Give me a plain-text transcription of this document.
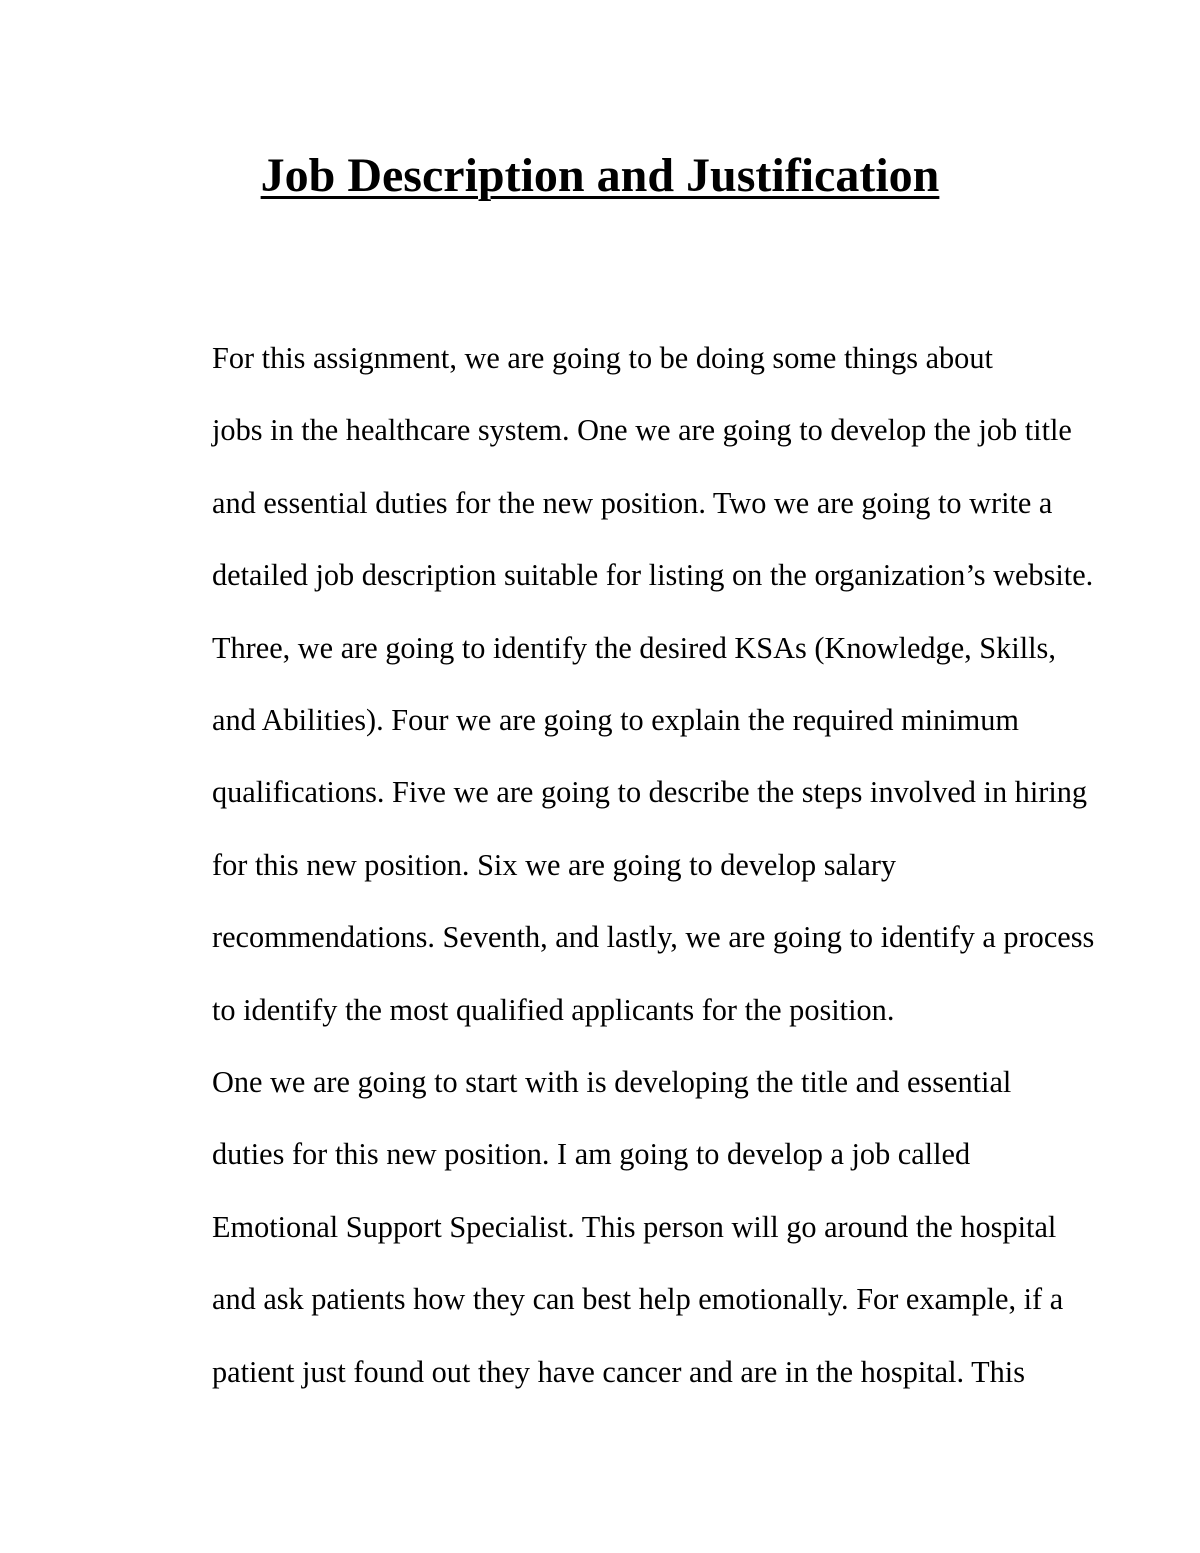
Job Description and Justification

For this assignment, we are going to be doing some things about
jobs in the healthcare system. One we are going to develop the job title
and essential duties for the new position. Two we are going to write a
detailed job description suitable for listing on the organization’s website.
Three, we are going to identify the desired KSAs (Knowledge, Skills,
and Abilities). Four we are going to explain the required minimum
qualifications. Five we are going to describe the steps involved in hiring
for this new position. Six we are going to develop salary
recommendations. Seventh, and lastly, we are going to identify a process
to identify the most qualified applicants for the position.

One we are going to start with is developing the title and essential
duties for this new position. I am going to develop a job called
Emotional Support Specialist. This person will go around the hospital
and ask patients how they can best help emotionally. For example, if a
patient just found out they have cancer and are in the hospital. This
